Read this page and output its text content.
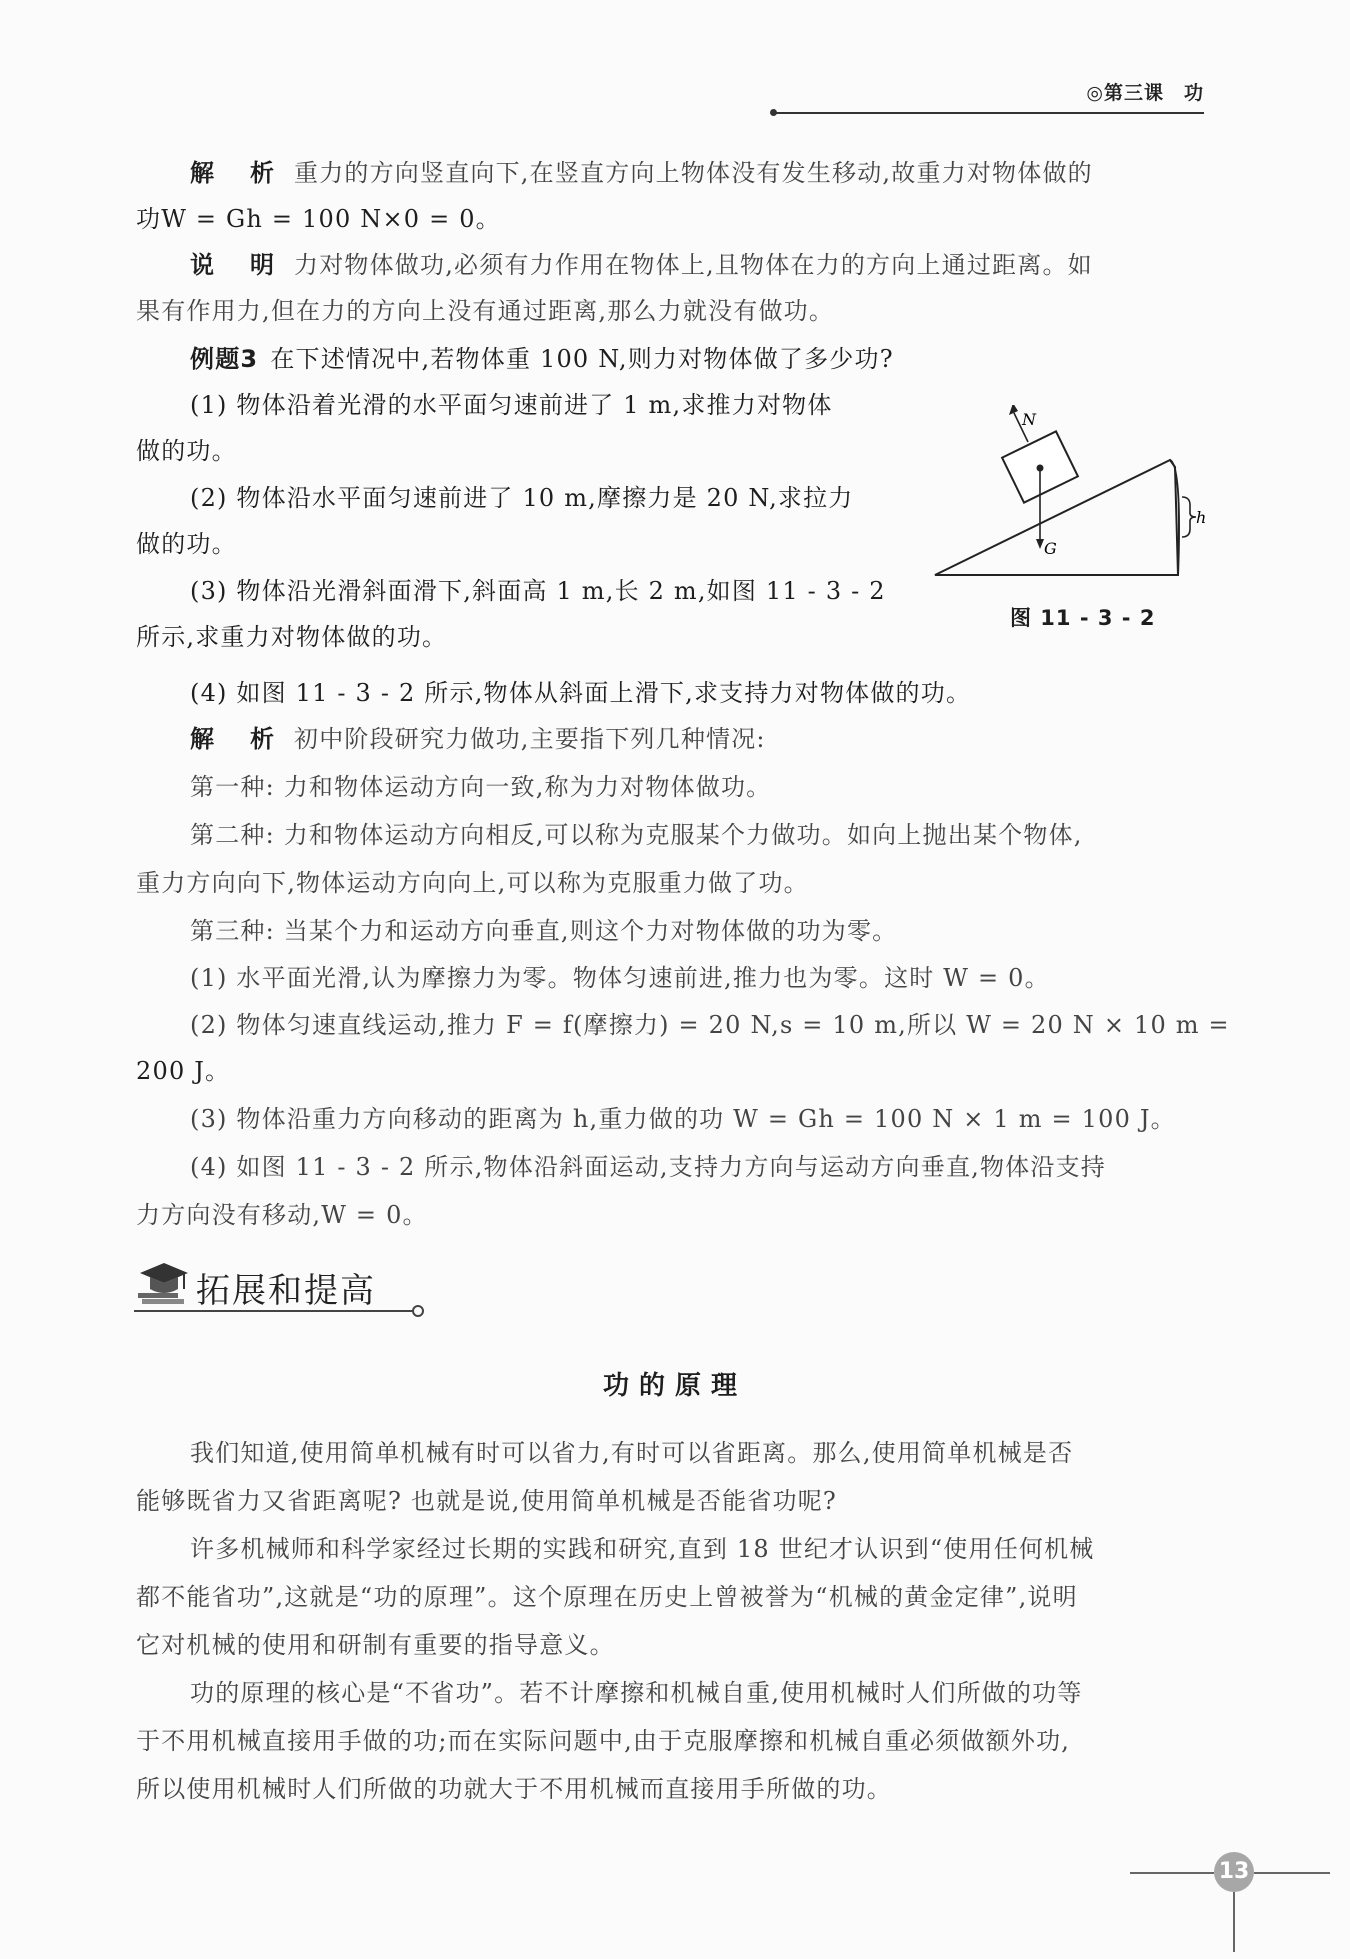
◎第三课　功
解　析 重力的方向竖直向下,在竖直方向上物体没有发生移动,故重力对物体做的
功W = Gh = 100 N×0 = 0。
说　明 力对物体做功,必须有力作用在物体上,且物体在力的方向上通过距离。如
果有作用力,但在力的方向上没有通过距离,那么力就没有做功。
例题3 在下述情况中,若物体重 100 N,则力对物体做了多少功?
(1) 物体沿着光滑的水平面匀速前进了 1 m,求推力对物体
做的功。
(2) 物体沿水平面匀速前进了 10 m,摩擦力是 20 N,求拉力
做的功。
(3) 物体沿光滑斜面滑下,斜面高 1 m,长 2 m,如图 11 - 3 - 2
所示,求重力对物体做的功。
(4) 如图 11 - 3 - 2 所示,物体从斜面上滑下,求支持力对物体做的功。
N
G
h
图 11 - 3 - 2
解　析 初中阶段研究力做功,主要指下列几种情况:
第一种: 力和物体运动方向一致,称为力对物体做功。
第二种: 力和物体运动方向相反,可以称为克服某个力做功。如向上抛出某个物体,
重力方向向下,物体运动方向向上,可以称为克服重力做了功。
第三种: 当某个力和运动方向垂直,则这个力对物体做的功为零。
(1) 水平面光滑,认为摩擦力为零。物体匀速前进,推力也为零。这时 W = 0。
(2) 物体匀速直线运动,推力 F = f(摩擦力) = 20 N,s = 10 m,所以 W = 20 N × 10 m =
200 J。
(3) 物体沿重力方向移动的距离为 h,重力做的功 W = Gh = 100 N × 1 m = 100 J。
(4) 如图 11 - 3 - 2 所示,物体沿斜面运动,支持力方向与运动方向垂直,物体沿支持
力方向没有移动,W = 0。
拓展和提高
功的原理
我们知道,使用简单机械有时可以省力,有时可以省距离。那么,使用简单机械是否
能够既省力又省距离呢? 也就是说,使用简单机械是否能省功呢?
许多机械师和科学家经过长期的实践和研究,直到 18 世纪才认识到“使用任何机械
都不能省功”,这就是“功的原理”。这个原理在历史上曾被誉为“机械的黄金定律”,说明
它对机械的使用和研制有重要的指导意义。
功的原理的核心是“不省功”。若不计摩擦和机械自重,使用机械时人们所做的功等
于不用机械直接用手做的功;而在实际问题中,由于克服摩擦和机械自重必须做额外功,
所以使用机械时人们所做的功就大于不用机械而直接用手所做的功。
13
